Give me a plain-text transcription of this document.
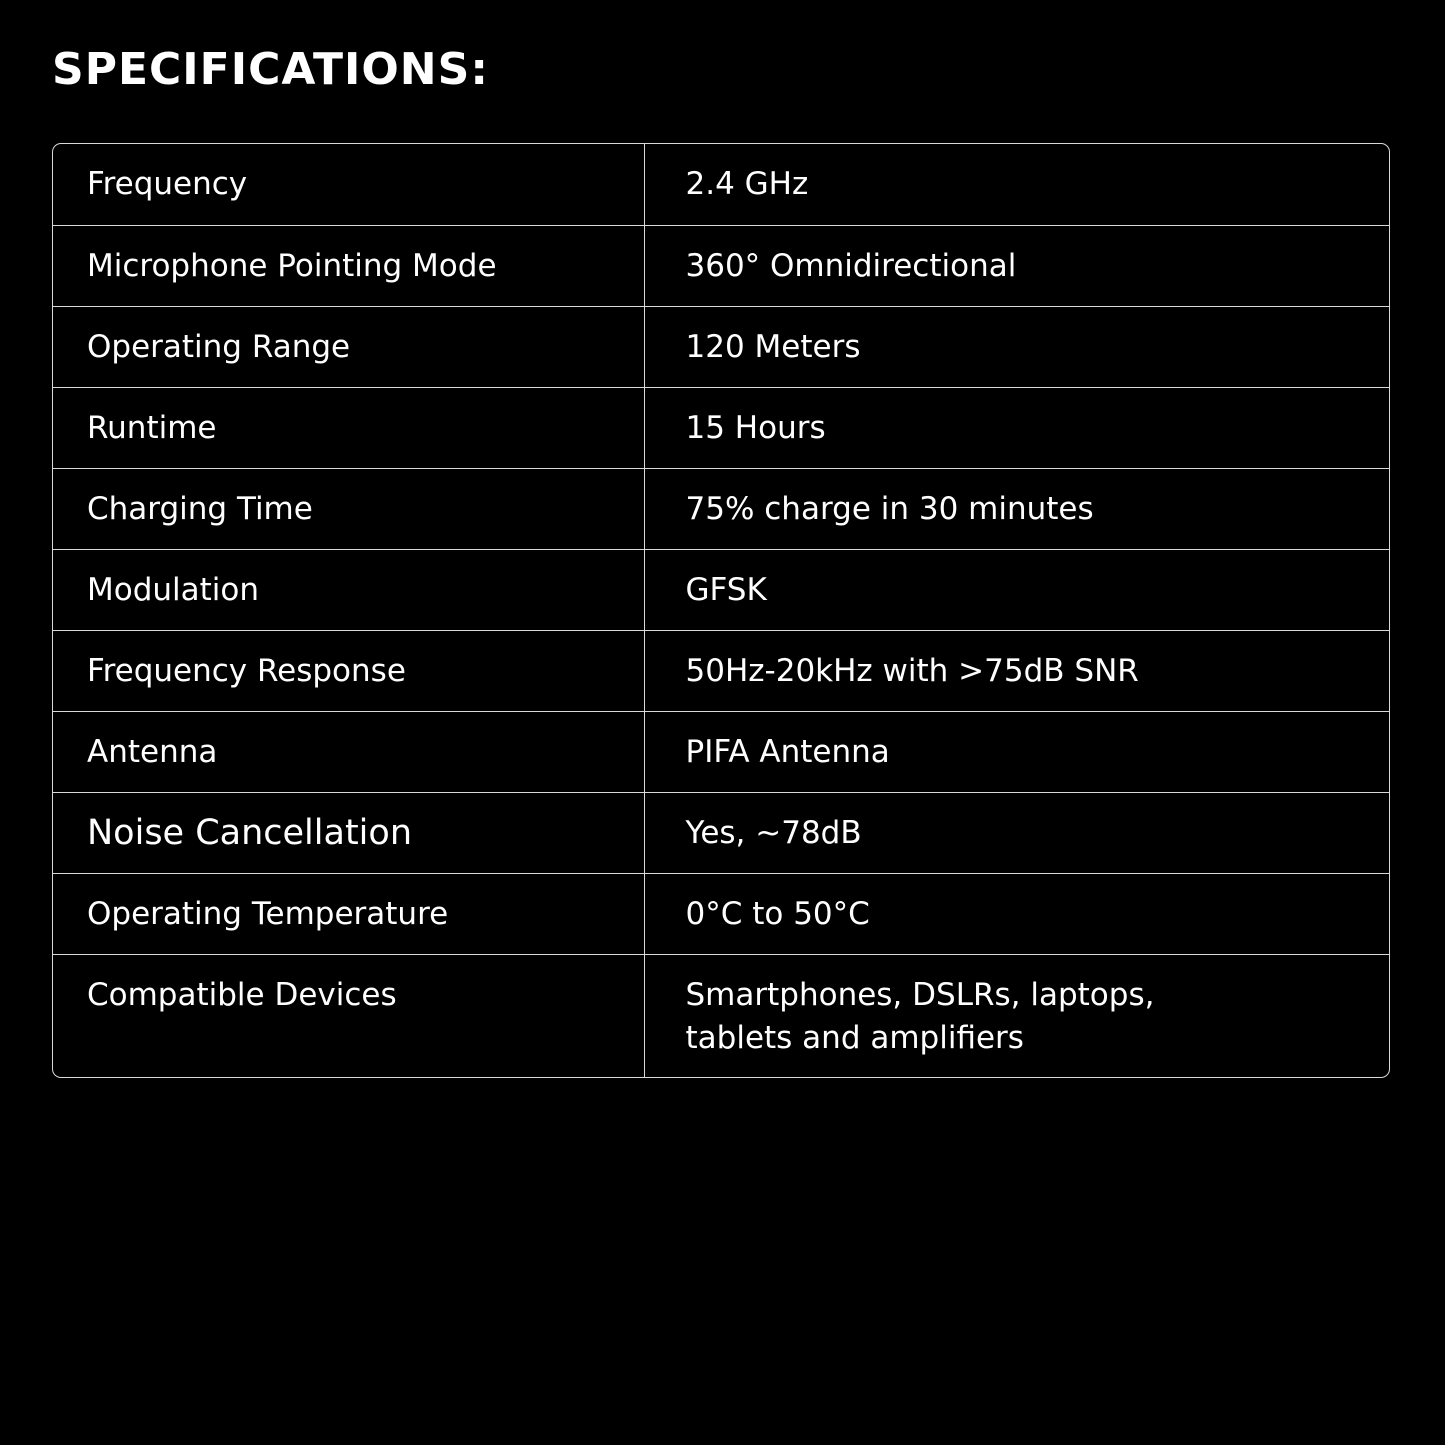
SPECIFICATIONS:
Frequency	2.4 GHz
Microphone Pointing Mode	360° Omnidirectional
Operating Range	120 Meters
Runtime	15 Hours
Charging Time	75% charge in 30 minutes
Modulation	GFSK
Frequency Response	50Hz-20kHz with >75dB SNR
Antenna	PIFA Antenna
Noise Cancellation	Yes, ~78dB
Operating Temperature	0°C to 50°C
Compatible Devices	Smartphones, DSLRs, laptops,
tablets and amplifiers
